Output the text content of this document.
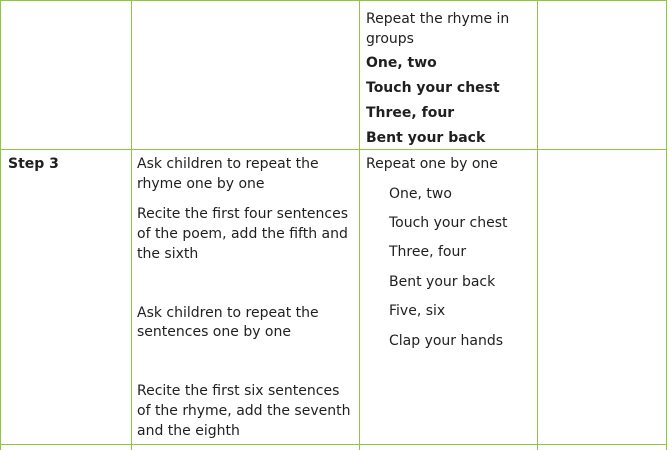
Repeat the rhyme in
groups
One, two
Touch your chest
Three, four
Bent your back
Step 3	Ask children to repeat the
rhyme one by one
Recite the first four sentences
of the poem, add the fifth and
the sixth
Ask children to repeat the
sentences one by one
Recite the first six sentences
of the rhyme, add the seventh
and the eighth
Repeat one by one
One, two
Touch your chest
Three, four
Bent your back
Five, six
Clap your hands
